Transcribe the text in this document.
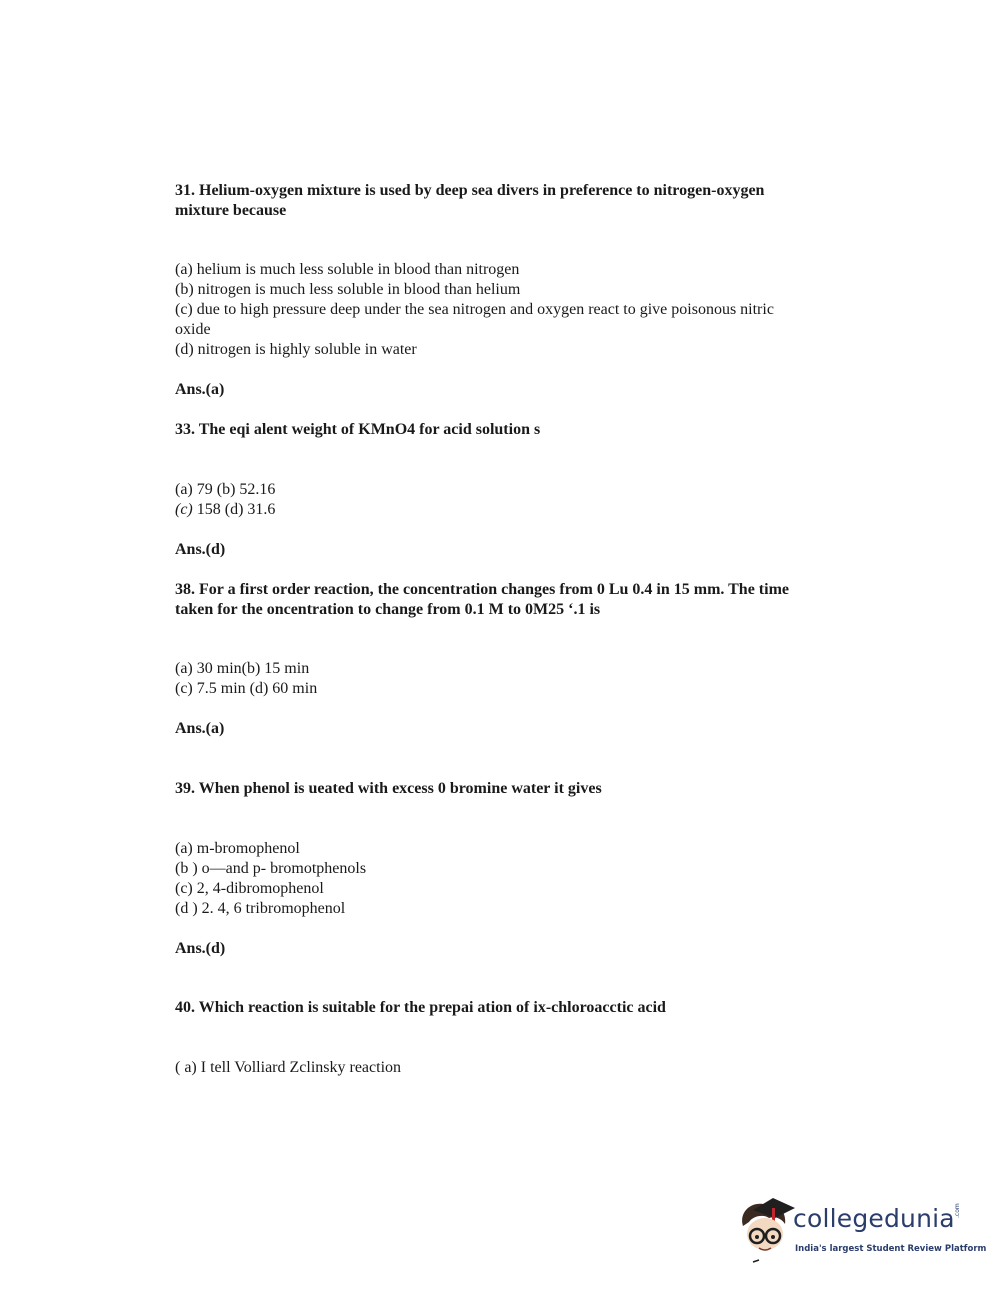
31. Helium-oxygen mixture is used by deep sea divers in preference to nitrogen-oxygen
mixture because
(a) helium is much less soluble in blood than nitrogen
(b) nitrogen is much less soluble in blood than helium
(c) due to high pressure deep under the sea nitrogen and oxygen react to give poisonous nitric
oxide
(d) nitrogen is highly soluble in water
Ans.(a)
33. The eqi alent weight of KMnO4 for acid solution s
(a) 79 (b) 52.16
(c) 158 (d) 31.6
Ans.(d)
38. For a first order reaction, the concentration changes from 0 Lu 0.4 in 15 mm. The time
taken for the oncentration to change from 0.1 M to 0M25 ‘.1 is
(a) 30 min(b) 15 min
(c) 7.5 min (d) 60 min
Ans.(a)
39. When phenol is ueated with excess 0 bromine water it gives
(a) m-bromophenol
(b ) o—and p- bromotphenols
(c) 2, 4-dibromophenol
(d ) 2. 4, 6 tribromophenol
Ans.(d)
40. Which reaction is suitable for the prepai ation of ix-chloroacctic acid
( a) I tell Volliard Zclinsky reaction
collegedunia .com
India's largest Student Review Platform
